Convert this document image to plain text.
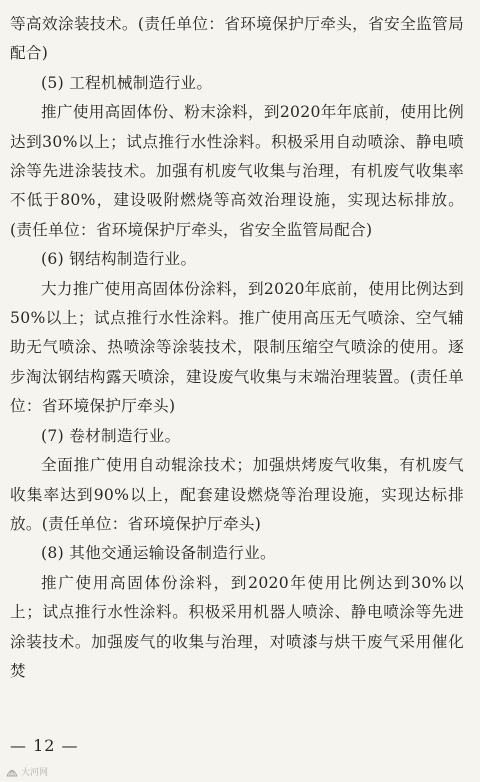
等高效涂装技术。(责任单位：省环境保护厅牵头，省安全监管局配合)

(5) 工程机械制造行业。

推广使用高固体份、粉末涂料，到2020年年底前，使用比例达到30%以上；试点推行水性涂料。积极采用自动喷涂、静电喷涂等先进涂装技术。加强有机废气收集与治理，有机废气收集率不低于80%，建设吸附燃烧等高效治理设施，实现达标排放。(责任单位：省环境保护厅牵头，省安全监管局配合)

(6) 钢结构制造行业。

大力推广使用高固体份涂料，到2020年底前，使用比例达到50%以上；试点推行水性涂料。推广使用高压无气喷涂、空气辅助无气喷涂、热喷涂等涂装技术，限制压缩空气喷涂的使用。逐步淘汰钢结构露天喷涂，建设废气收集与末端治理装置。(责任单位：省环境保护厅牵头)

(7) 卷材制造行业。

全面推广使用自动辊涂技术；加强烘烤废气收集，有机废气收集率达到90%以上，配套建设燃烧等治理设施，实现达标排放。(责任单位：省环境保护厅牵头)

(8) 其他交通运输设备制造行业。

推广使用高固体份涂料，到2020年使用比例达到30%以上；试点推行水性涂料。积极采用机器人喷涂、静电喷涂等先进涂装技术。加强废气的收集与治理，对喷漆与烘干废气采用催化焚

— 12 —
大河网
